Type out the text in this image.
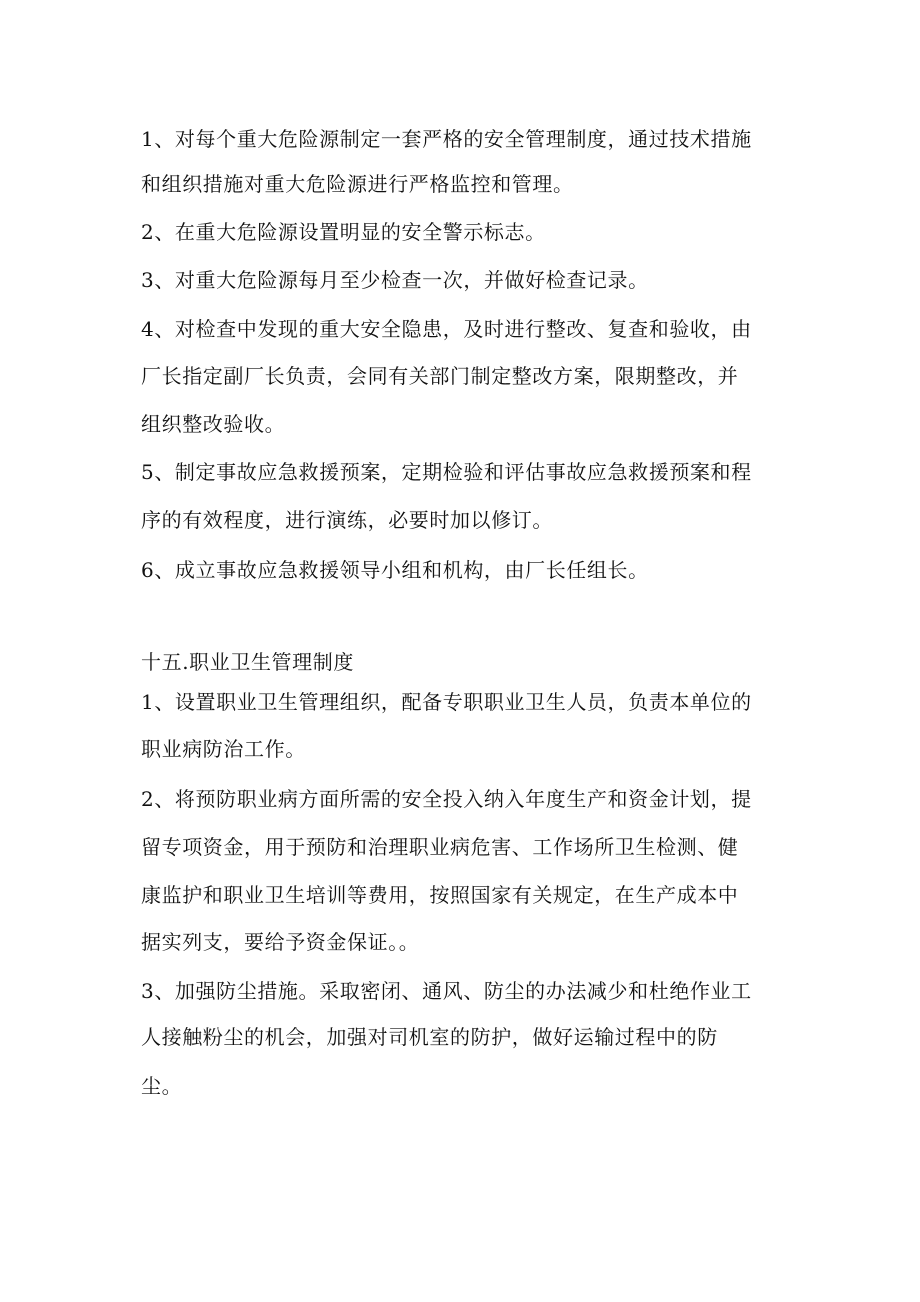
1、对每个重大危险源制定一套严格的安全管理制度，通过技术措施
和组织措施对重大危险源进行严格监控和管理。
2、在重大危险源设置明显的安全警示标志。
3、对重大危险源每月至少检查一次，并做好检查记录。
4、对检查中发现的重大安全隐患，及时进行整改、复查和验收，由
厂长指定副厂长负责，会同有关部门制定整改方案，限期整改，并
组织整改验收。
5、制定事故应急救援预案，定期检验和评估事故应急救援预案和程
序的有效程度，进行演练，必要时加以修订。
6、成立事故应急救援领导小组和机构，由厂长任组长。
十五.职业卫生管理制度
1、设置职业卫生管理组织，配备专职职业卫生人员，负责本单位的
职业病防治工作。
2、将预防职业病方面所需的安全投入纳入年度生产和资金计划，提
留专项资金，用于预防和治理职业病危害、工作场所卫生检测、健
康监护和职业卫生培训等费用，按照国家有关规定，在生产成本中
据实列支，要给予资金保证。。
3、加强防尘措施。采取密闭、通风、防尘的办法减少和杜绝作业工
人接触粉尘的机会，加强对司机室的防护，做好运输过程中的防
尘。
